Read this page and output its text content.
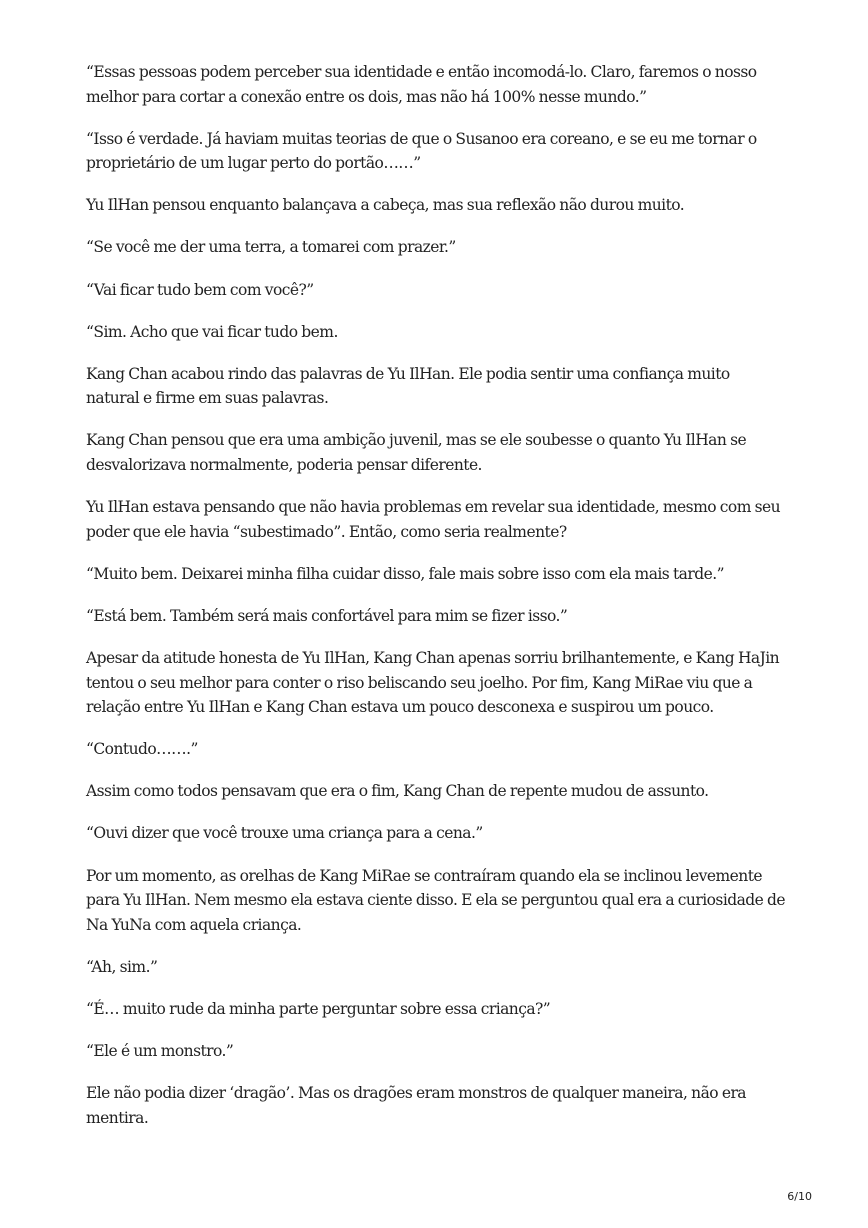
“Essas pessoas podem perceber sua identidade e então incomodá-lo. Claro, faremos o nosso melhor para cortar a conexão entre os dois, mas não há 100% nesse mundo.”

“Isso é verdade. Já haviam muitas teorias de que o Susanoo era coreano, e se eu me tornar o proprietário de um lugar perto do portão……”

Yu IlHan pensou enquanto balançava a cabeça, mas sua reflexão não durou muito.

“Se você me der uma terra, a tomarei com prazer.”

“Vai ficar tudo bem com você?”

“Sim. Acho que vai ficar tudo bem.

Kang Chan acabou rindo das palavras de Yu IlHan. Ele podia sentir uma confiança muito natural e firme em suas palavras.

Kang Chan pensou que era uma ambição juvenil, mas se ele soubesse o quanto Yu IlHan se desvalorizava normalmente, poderia pensar diferente.

Yu IlHan estava pensando que não havia problemas em revelar sua identidade, mesmo com seu poder que ele havia “subestimado”. Então, como seria realmente?

“Muito bem. Deixarei minha filha cuidar disso, fale mais sobre isso com ela mais tarde.”

“Está bem. Também será mais confortável para mim se fizer isso.”

Apesar da atitude honesta de Yu IlHan, Kang Chan apenas sorriu brilhantemente, e Kang HaJin tentou o seu melhor para conter o riso beliscando seu joelho. Por fim, Kang MiRae viu que a relação entre Yu IlHan e Kang Chan estava um pouco desconexa e suspirou um pouco.

“Contudo…….”

Assim como todos pensavam que era o fim, Kang Chan de repente mudou de assunto.

“Ouvi dizer que você trouxe uma criança para a cena.”

Por um momento, as orelhas de Kang MiRae se contraíram quando ela se inclinou levemente para Yu IlHan. Nem mesmo ela estava ciente disso. E ela se perguntou qual era a curiosidade de Na YuNa com aquela criança.

“Ah, sim.”

“É… muito rude da minha parte perguntar sobre essa criança?”

“Ele é um monstro.”

Ele não podia dizer ‘dragão’. Mas os dragões eram monstros de qualquer maneira, não era mentira.

6/10
